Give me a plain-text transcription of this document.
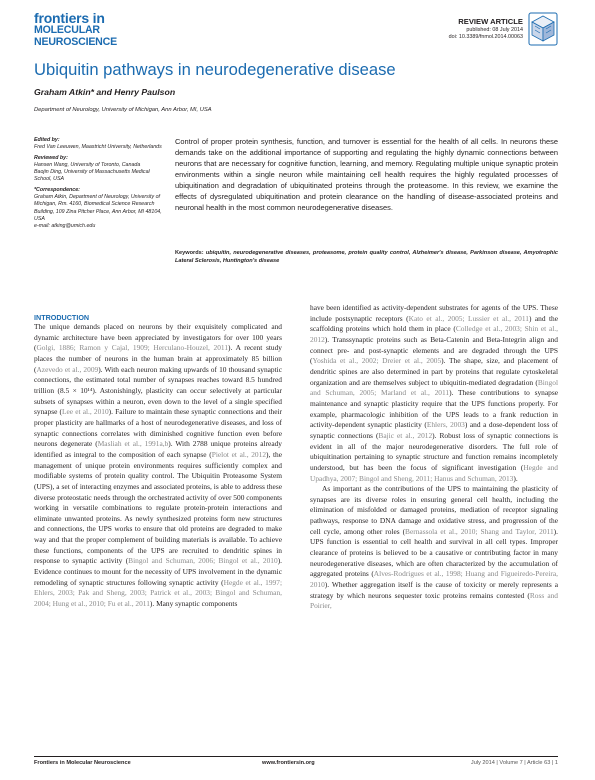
frontiers in
MOLECULAR NEUROSCIENCE
REVIEW ARTICLE
published: 08 July 2014
doi: 10.3389/fnmol.2014.00063
Ubiquitin pathways in neurodegenerative disease
Graham Atkin* and Henry Paulson
Department of Neurology, University of Michigan, Ann Arbor, MI, USA
Edited by:
Fred Van Leeuwen, Maastricht University, Netherlands
Reviewed by:
Hansen Wang, University of Toronto, Canada
Baojin Ding, University of Massachusetts Medical School, USA
*Correspondence:
Graham Atkin, Department of Neurology, University of Michigan, Rm. 4160, Biomedical Science Research Building, 109 Zina Pitcher Place, Ann Arbor, MI 48104, USA
e-mail: atking@umich.edu
Control of proper protein synthesis, function, and turnover is essential for the health of all cells. In neurons these demands take on the additional importance of supporting and regulating the highly dynamic connections between neurons that are necessary for cognitive function, learning, and memory. Regulating multiple unique synaptic protein environments within a single neuron while maintaining cell health requires the highly regulated processes of ubiquitination and degradation of ubiquitinated proteins through the proteasome. In this review, we examine the effects of dysregulated ubiquitination and protein clearance on the handling of disease-associated proteins and neuronal health in the most common neurodegenerative diseases.
Keywords: ubiquitin, neurodegenerative diseases, proteasome, protein quality control, Alzheimer's disease, Parkinson disease, Amyotrophic Lateral Sclerosis, Huntington's disease
INTRODUCTION

The unique demands placed on neurons by their exquisitely complicated and dynamic architecture have been appreciated by investigators for over 100 years (Golgi, 1886; Ramon y Cajal, 1909; Herculano-Houzel, 2011). A recent study places the number of neurons in the human brain at approximately 85 billion (Azevedo et al., 2009). With each neuron making upwards of 10 thousand synaptic connections, the estimated total number of synapses reaches toward 8.5 hundred trillion (8.5 × 10¹⁴). Astonishingly, plasticity can occur selectively at particular subsets of synapses within a neuron, even down to the level of a single specified synapse (Lee et al., 2010). Failure to maintain these synaptic connections and their proper plasticity are hallmarks of a host of neurodegenerative diseases, and loss of synaptic connections correlates with diminished cognitive function even before neurons degenerate (Masliah et al., 1991a,b). With 2788 unique proteins already identified as integral to the composition of each synapse (Pielot et al., 2012), the management of unique protein environments requires sufficiently complex and modifiable systems of protein quality control. The Ubiquitin Proteasome System (UPS), a set of interacting enzymes and associated proteins, is able to address these diverse proteostatic needs through the orchestrated activity of over 500 components working in versatile combinations to regulate protein-protein interactions and eliminate unwanted proteins. As newly synthesized proteins form new structures and connections, the UPS works to ensure that old proteins are degraded to make way and that the proper complement of building materials is available. To achieve these functions, components of the UPS are recruited to dendritic spines in response to synaptic activity (Bingol and Schuman, 2006; Bingol et al., 2010). Evidence continues to mount for the necessity of UPS involvement in the dynamic remodeling of synaptic structures following synaptic activity (Hegde et al., 1997; Ehlers, 2003; Pak and Sheng, 2003; Patrick et al., 2003; Bingol and Schuman, 2004; Hung et al., 2010; Fu et al., 2011). Many synaptic components

have been identified as activity-dependent substrates for agents of the UPS. These include postsynaptic receptors (Kato et al., 2005; Lussier et al., 2011) and the scaffolding proteins which hold them in place (Colledge et al., 2003; Shin et al., 2012). Transsynaptic proteins such as Beta-Catenin and Beta-Integrin align and connect pre- and post-synaptic elements and are degraded through the UPS (Yoshida et al., 2002; Dreier et al., 2005). The shape, size, and placement of dendritic spines are also determined in part by proteins that regulate cytoskeletal organization and are themselves subject to ubiquitin-mediated degradation (Bingol and Schuman, 2005; Marland et al., 2011). These contributions to synapse maintenance and synaptic plasticity require that the UPS functions properly. For example, pharmacologic inhibition of the UPS leads to a frank reduction in activity-dependent synaptic plasticity (Ehlers, 2003) and a dose-dependent loss of synaptic connections (Bajic et al., 2012). Robust loss of synaptic connections is evident in all of the major neurodegenerative disorders. The full role of ubiquitination pertaining to synaptic structure and function remains incompletely understood, but has been the focus of significant investigation (Hegde and Upadhya, 2007; Bingol and Sheng, 2011; Hanus and Schuman, 2013).

As important as the contributions of the UPS to maintaining the plasticity of synapses are its diverse roles in ensuring general cell health, including the elimination of misfolded or damaged proteins, mediation of receptor signaling pathways, response to DNA damage and oxidative stress, and progression of the cell cycle, among other roles (Bernassola et al., 2010; Shang and Taylor, 2011). UPS function is essential to cell health and survival in all cell types. Improper clearance of proteins is believed to be a causative or contributing factor in many neurodegenerative diseases, which are often characterized by the accumulation of aggregated proteins (Alves-Rodrigues et al., 1998; Huang and Figueiredo-Pereira, 2010). Whether aggregation itself is the cause of toxicity or merely represents a strategy by which neurons sequester toxic proteins remains contested (Ross and Poirier,

Frontiers in Molecular Neuroscience	www.frontiersin.org	July 2014 | Volume 7 | Article 63 | 1
